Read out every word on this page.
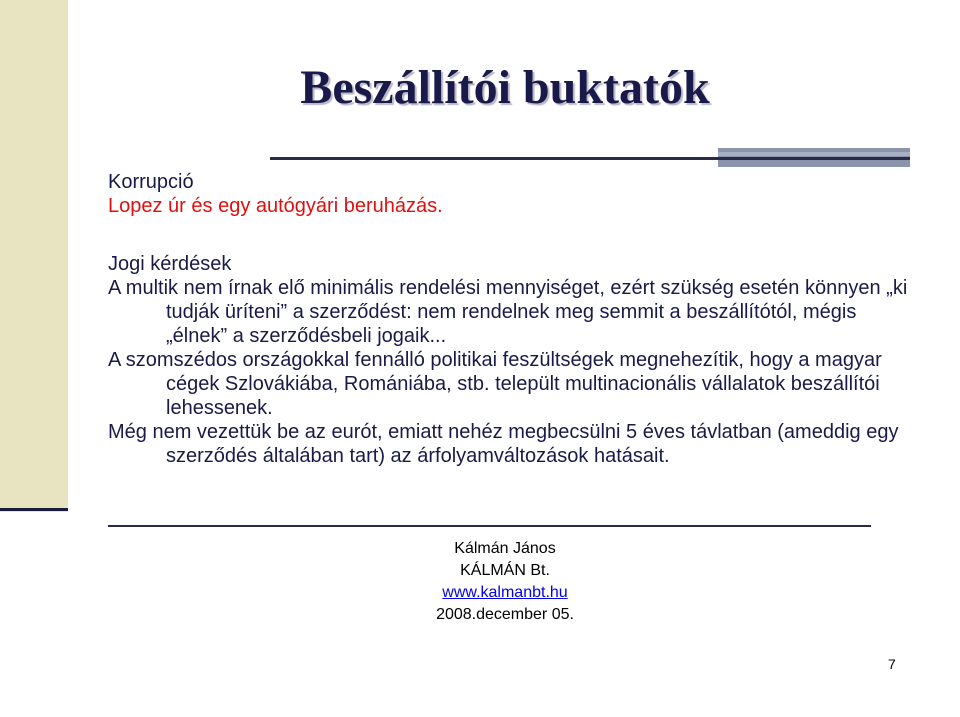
Beszállítói buktatók
Korrupció
Lopez úr és egy autógyári beruházás.
Jogi kérdések
A multik nem írnak elő minimális rendelési mennyiséget, ezért szükség esetén könnyen „ki tudják üríteni” a szerződést: nem rendelnek meg semmit a beszállítótól, mégis „élnek” a szerződésbeli jogaik...
A szomszédos országokkal fennálló politikai feszültségek megnehezítik, hogy a magyar cégek Szlovákiába, Romániába, stb. települt multinacionális vállalatok beszállítói lehessenek.
Még nem vezettük be az eurót, emiatt nehéz megbecsülni 5 éves távlatban (ameddig egy szerződés általában tart) az árfolyamváltozások hatásait.
Kálmán János
KÁLMÁN Bt.
www.kalmanbt.hu
2008.december 05.
7
